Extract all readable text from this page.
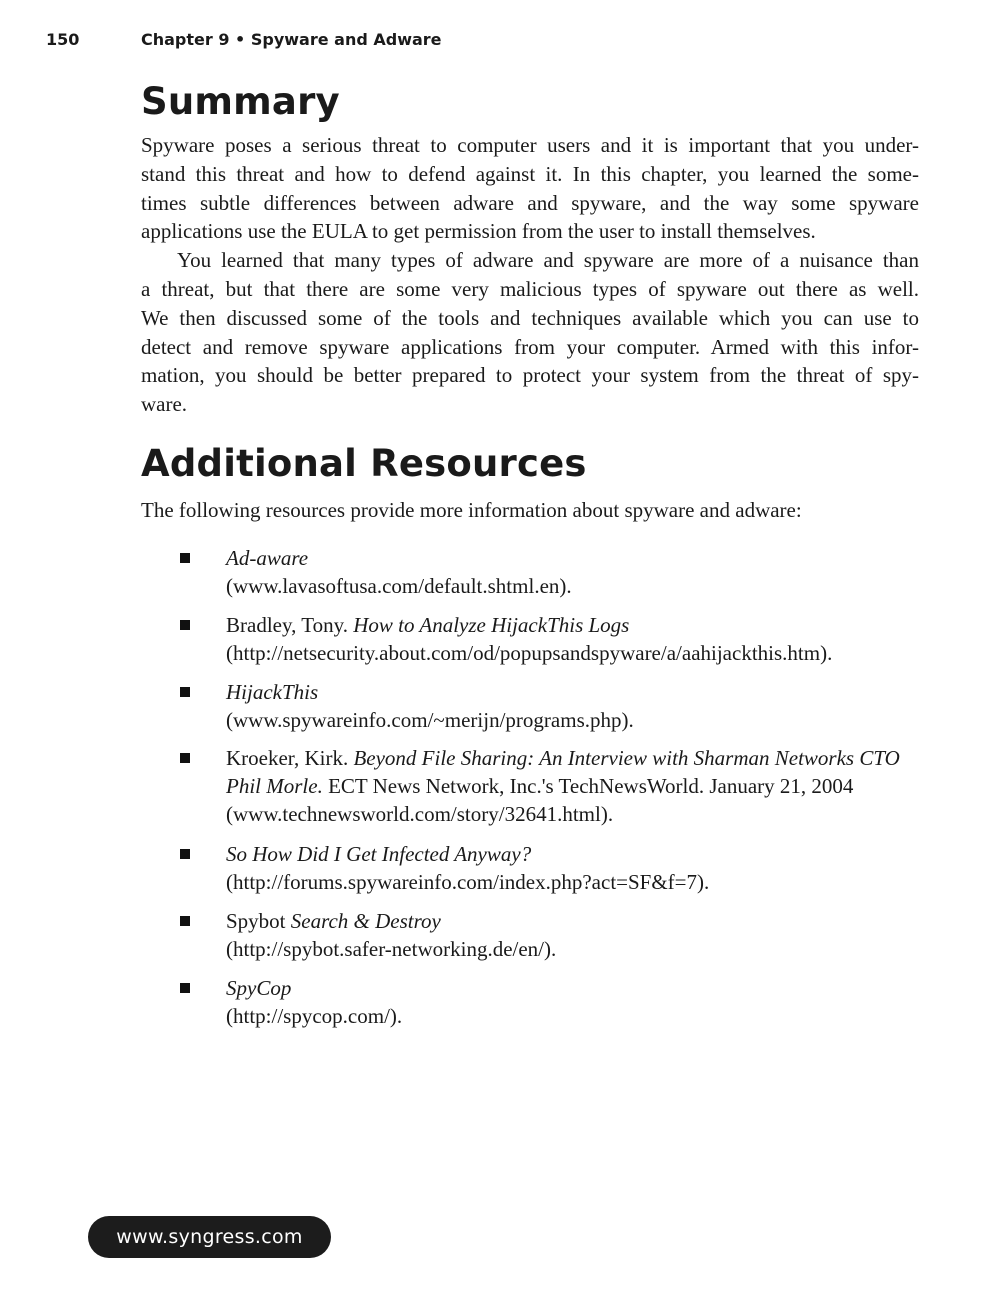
150	Chapter 9 • Spyware and Adware
Summary
Spyware poses a serious threat to computer users and it is important that you under-
stand this threat and how to defend against it. In this chapter, you learned the some-
times subtle differences between adware and spyware, and the way some spyware
applications use the EULA to get permission from the user to install themselves.
You learned that many types of adware and spyware are more of a nuisance than
a threat, but that there are some very malicious types of spyware out there as well.
We then discussed some of the tools and techniques available which you can use to
detect and remove spyware applications from your computer. Armed with this infor-
mation, you should be better prepared to protect your system from the threat of spy-
ware.
Additional Resources
The following resources provide more information about spyware and adware:
Ad-aware
(www.lavasoftusa.com/default.shtml.en).
Bradley, Tony. How to Analyze HijackThis Logs
(http://netsecurity.about.com/od/popupsandspyware/a/aahijackthis.htm).
HijackThis
(www.spywareinfo.com/~merijn/programs.php).
Kroeker, Kirk. Beyond File Sharing: An Interview with Sharman Networks CTO
Phil Morle. ECT News Network, Inc.'s TechNewsWorld. January 21, 2004
(www.technewsworld.com/story/32641.html).
So How Did I Get Infected Anyway?
(http://forums.spywareinfo.com/index.php?act=SF&f=7).
Spybot Search & Destroy
(http://spybot.safer-networking.de/en/).
SpyCop
(http://spycop.com/).
www.syngress.com
